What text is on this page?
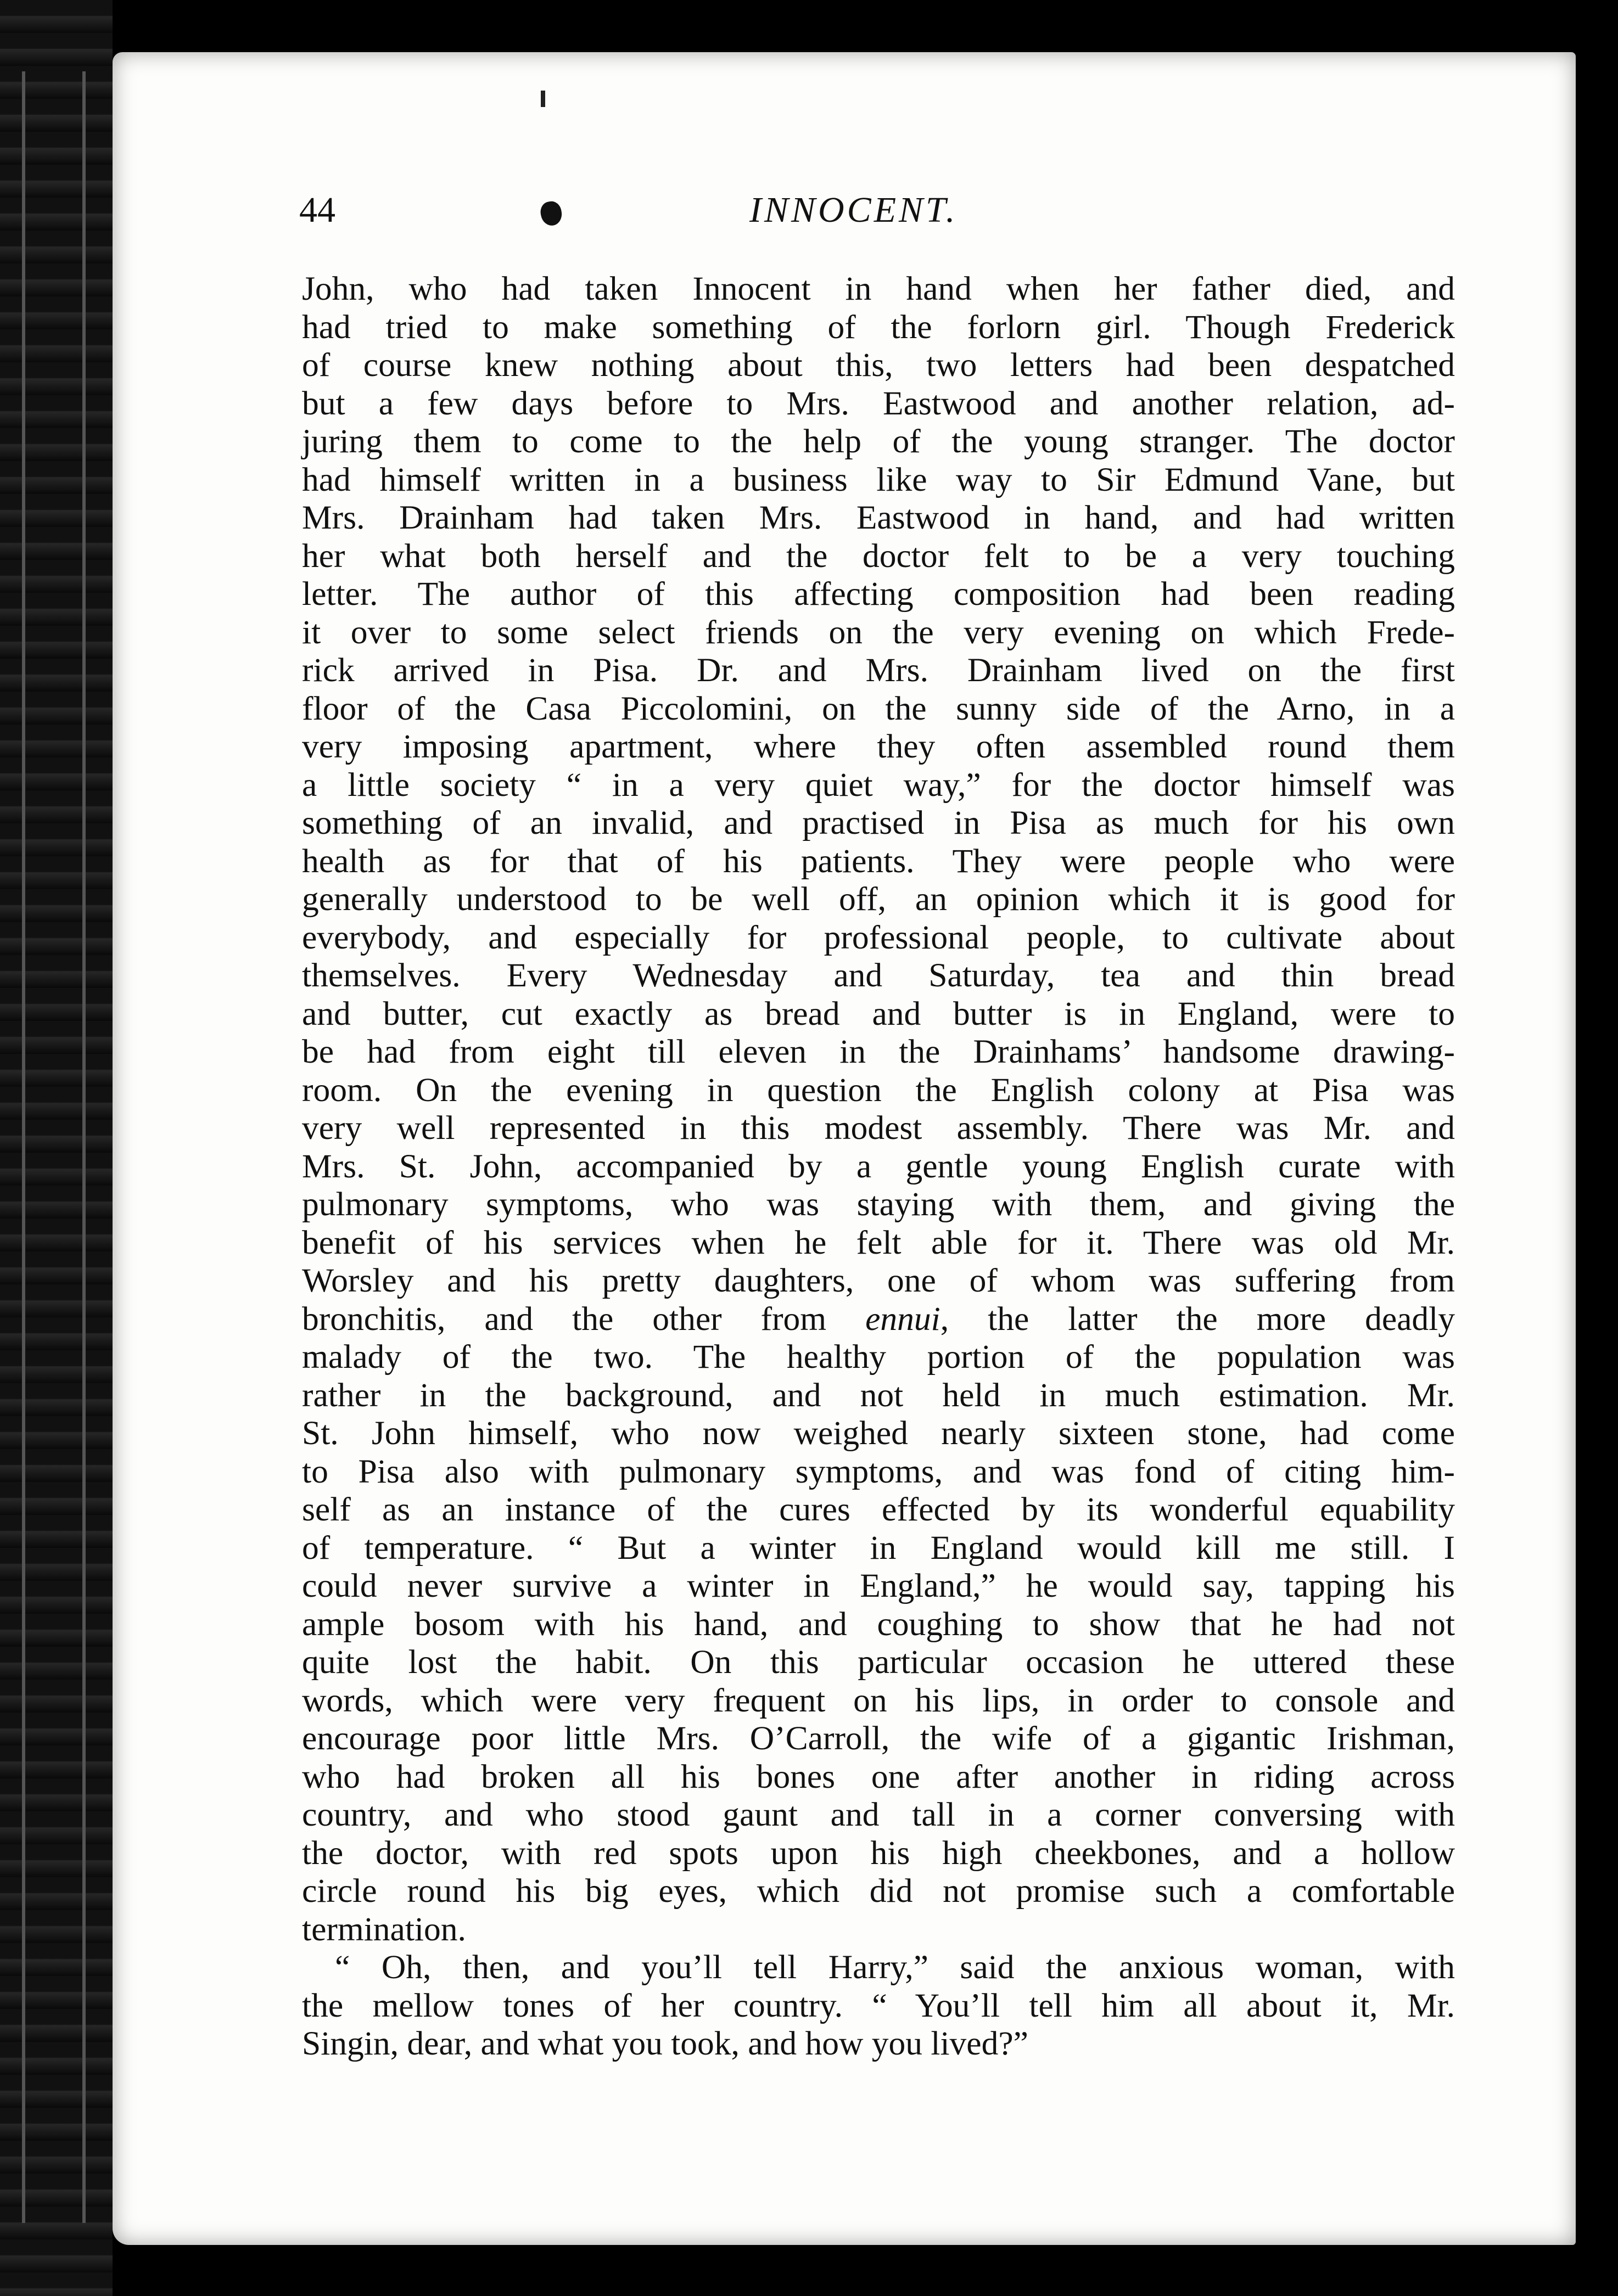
44	INNOCENT.
John, who had taken Innocent in hand when her father died, and
had tried to make something of the forlorn girl. Though Frederick
of course knew nothing about this, two letters had been despatched
but a few days before to Mrs. Eastwood and another relation, ad-
juring them to come to the help of the young stranger. The doctor
had himself written in a business like way to Sir Edmund Vane, but
Mrs. Drainham had taken Mrs. Eastwood in hand, and had written
her what both herself and the doctor felt to be a very touching
letter. The author of this affecting composition had been reading
it over to some select friends on the very evening on which Frede-
rick arrived in Pisa. Dr. and Mrs. Drainham lived on the first
floor of the Casa Piccolomini, on the sunny side of the Arno, in a
very imposing apartment, where they often assembled round them
a little society “ in a very quiet way,” for the doctor himself was
something of an invalid, and practised in Pisa as much for his own
health as for that of his patients. They were people who were
generally understood to be well off, an opinion which it is good for
everybody, and especially for professional people, to cultivate about
themselves. Every Wednesday and Saturday, tea and thin bread
and butter, cut exactly as bread and butter is in England, were to
be had from eight till eleven in the Drainhams’ handsome drawing-
room. On the evening in question the English colony at Pisa was
very well represented in this modest assembly. There was Mr. and
Mrs. St. John, accompanied by a gentle young English curate with
pulmonary symptoms, who was staying with them, and giving the
benefit of his services when he felt able for it. There was old Mr.
Worsley and his pretty daughters, one of whom was suffering from
bronchitis, and the other from ennui, the latter the more deadly
malady of the two. The healthy portion of the population was
rather in the background, and not held in much estimation. Mr.
St. John himself, who now weighed nearly sixteen stone, had come
to Pisa also with pulmonary symptoms, and was fond of citing him-
self as an instance of the cures effected by its wonderful equability
of temperature. “ But a winter in England would kill me still. I
could never survive a winter in England,” he would say, tapping his
ample bosom with his hand, and coughing to show that he had not
quite lost the habit. On this particular occasion he uttered these
words, which were very frequent on his lips, in order to console and
encourage poor little Mrs. O’Carroll, the wife of a gigantic Irishman,
who had broken all his bones one after another in riding across
country, and who stood gaunt and tall in a corner conversing with
the doctor, with red spots upon his high cheekbones, and a hollow
circle round his big eyes, which did not promise such a comfortable
termination.
“ Oh, then, and you’ll tell Harry,” said the anxious woman, with
the mellow tones of her country. “ You’ll tell him all about it, Mr.
Singin, dear, and what you took, and how you lived?”
